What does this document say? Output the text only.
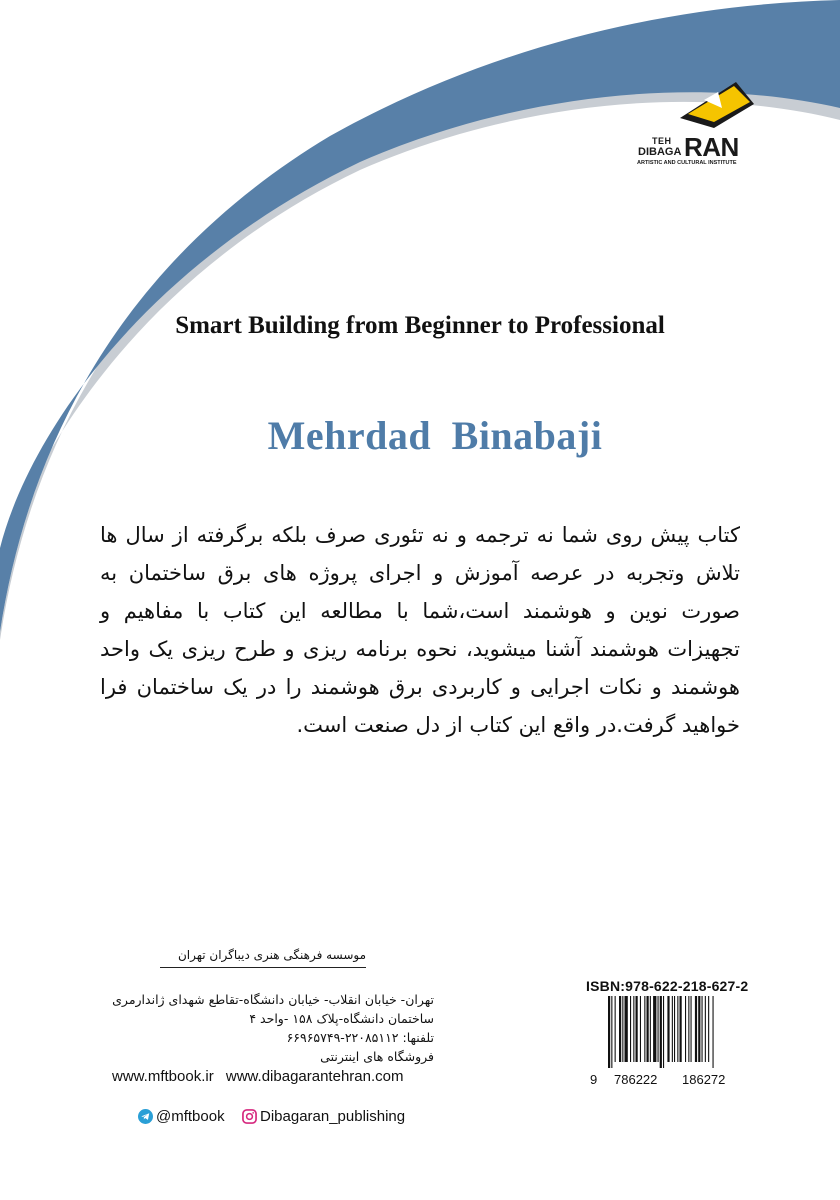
TEH
DIBAGA RAN
ARTISTIC AND CULTURAL INSTITUTE
Smart Building from Beginner to Professional
Mehrdad Binabaji
کتاب پیش روی شما نه ترجمه و نه تئوری صرف بلکه برگرفته از سال ها تلاش وتجربه در عرصه آموزش و اجرای پروژه های برق ساختمان به صورت نوین و هوشمند است،شما با مطالعه این کتاب با مفاهیم و تجهیزات هوشمند آشنا میشوید، نحوه برنامه ریزی و طرح ریزی یک واحد هوشمند و نکات اجرایی و کاربردی برق هوشمند را در یک ساختمان فرا خواهید گرفت.در واقع این کتاب از دل صنعت است.
موسسه فرهنگی هنری دیباگران تهران
تهران- خیابان انقلاب- خیابان دانشگاه-تقاطع شهدای ژاندارمری
ساختمان دانشگاه-پلاک ۱۵۸ -واحد ۴
تلفنها: ۲۲۰۸۵۱۱۲-۶۶۹۶۵۷۴۹
فروشگاه های اینترنتی
www.mftbook.ir www.dibagarantehran.com
@mftbook	Dibagaran_publishing
ISBN:978-622-218-627-2
9 786222 186272
